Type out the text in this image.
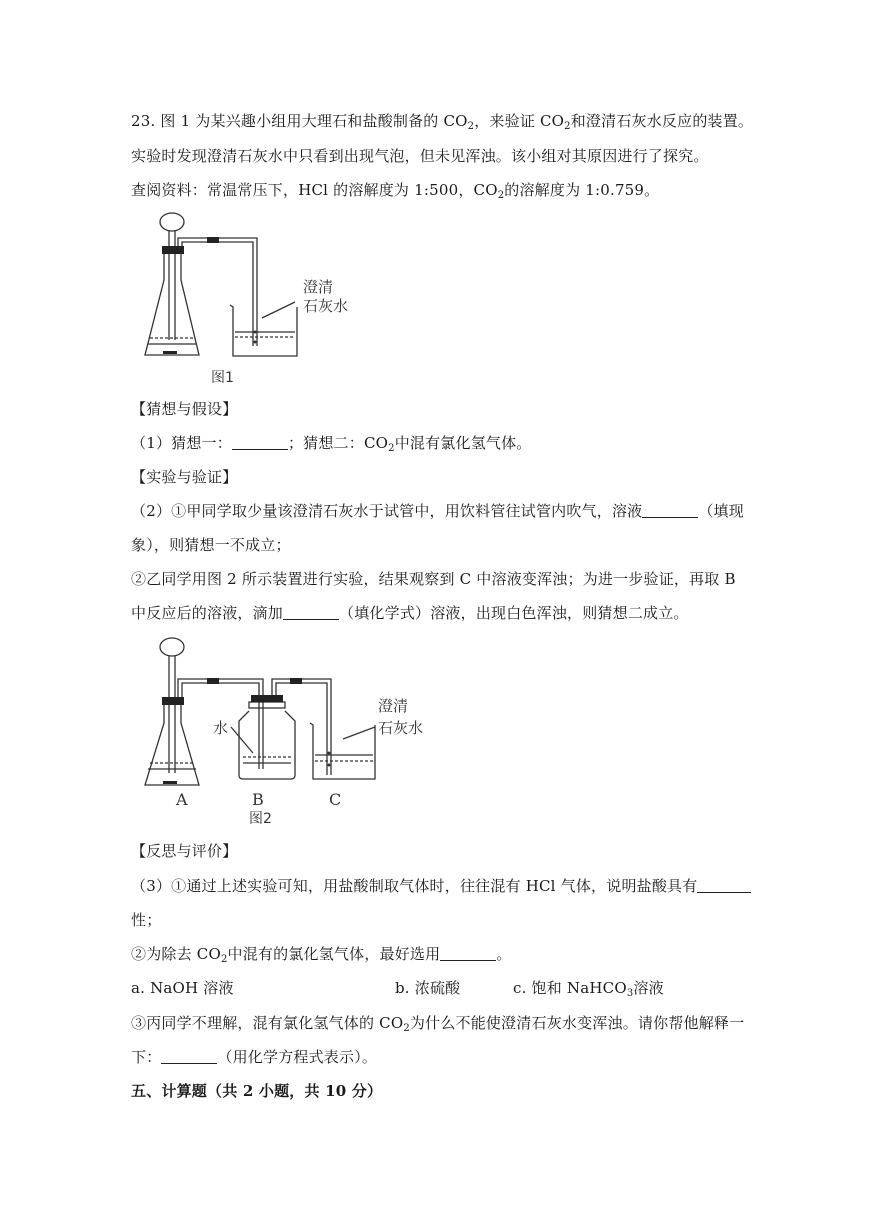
23. 图 1 为某兴趣小组用大理石和盐酸制备的 $CO_2$，来验证 $CO_2$和澄清石灰水反应的装置。
实验时发现澄清石灰水中只看到出现气泡，但未见浑浊。该小组对其原因进行了探究。
查阅资料：常温常压下，HCl 的溶解度为 1:500，$CO_2$的溶解度为 1:0.759。
澄清
石灰水
图1
【猜想与假设】
（1）猜想一：	；猜想二：$CO_2$中混有氯化氢气体。
【实验与验证】
（2）①甲同学取少量该澄清石灰水于试管中，用饮料管往试管内吹气，溶液	（填现
象），则猜想一不成立；
②乙同学用图 2 所示装置进行实验，结果观察到 C 中溶液变浑浊；为进一步验证，再取 B
中反应后的溶液，滴加	（填化学式）溶液，出现白色浑浊，则猜想二成立。
水
澄清
石灰水
A	B	C
图2
【反思与评价】
（3）①通过上述实验可知，用盐酸制取气体时，往往混有 HCl 气体，说明盐酸具有
性；
②为除去 $CO_2$中混有的氯化氢气体，最好选用	。
a. NaOH 溶液	b. 浓硫酸	c. 饱和 NaHCO$_3$溶液
③丙同学不理解，混有氯化氢气体的 $CO_2$为什么不能使澄清石灰水变浑浊。请你帮他解释一
下：	（用化学方程式表示）。
五、计算题（共 2 小题，共 10 分）
